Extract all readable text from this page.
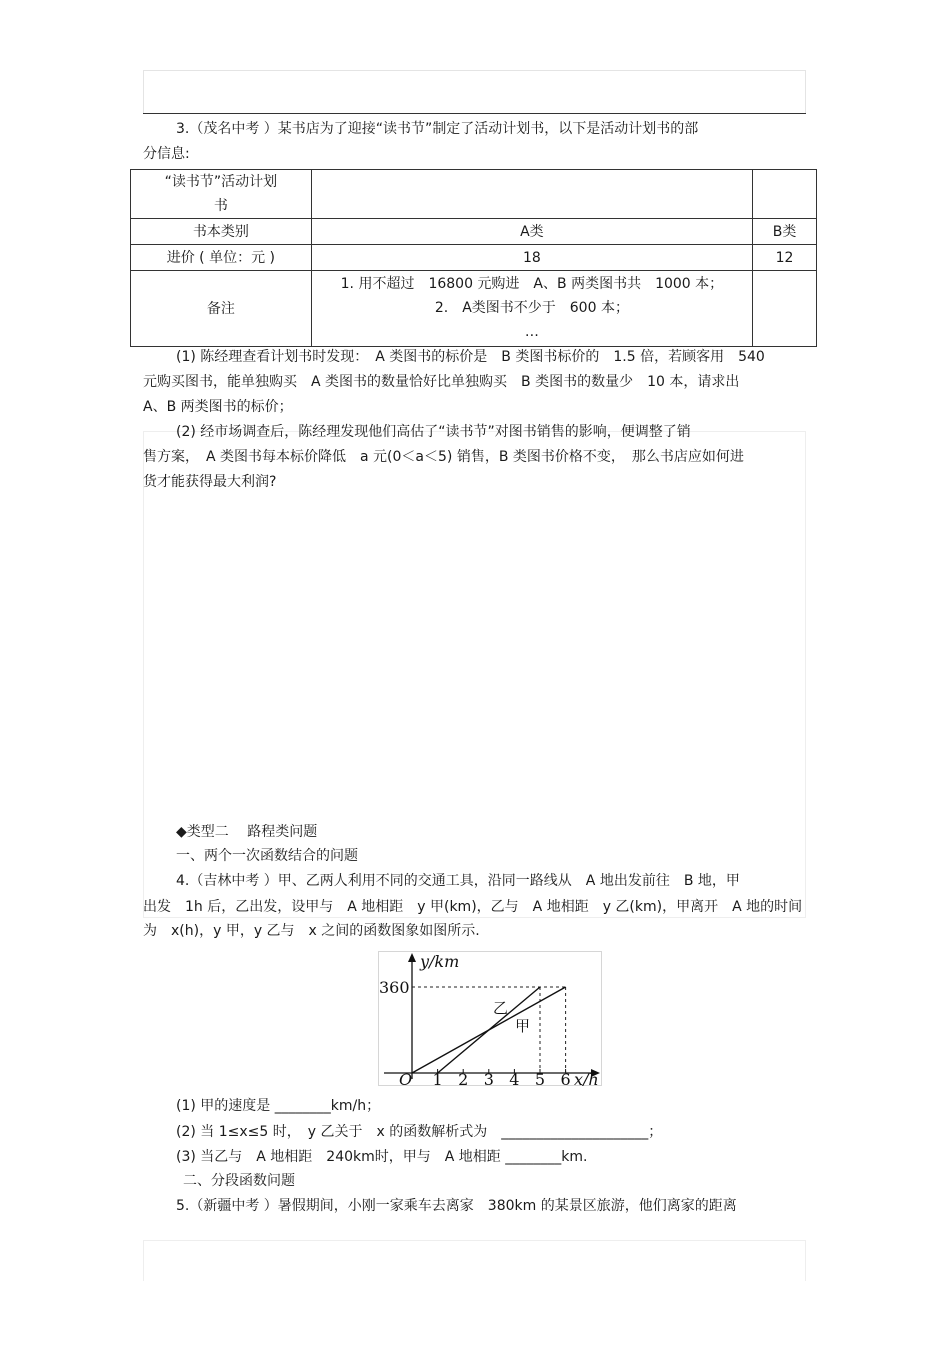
3.（茂名中考 ）某书店为了迎接“读书节”制定了活动计划书，以下是活动计划书的部
分信息:
“读书节”活动计划
书		

书本类别	A类	B类
进价 ( 单位：元 )	18	12
备注	1. 用不超过　16800 元购进　A、B 两类图书共　1000 本；
2.　A类图书不少于　600 本；
…	

(1) 陈经理查看计划书时发现：　A 类图书的标价是　B 类图书标价的　1.5 倍，若顾客用　540
元购买图书，能单独购买　A 类图书的数量恰好比单独购买　B 类图书的数量少　10 本，请求出
A、B 两类图书的标价；
(2) 经市场调查后，陈经理发现他们高估了“读书节”对图书销售的影响，便调整了销
售方案，　A 类图书每本标价降低　a 元(0＜a＜5) 销售，B 类图书价格不变，　那么书店应如何进
货才能获得最大利润?
◆类型二　 路程类问题
一、两个一次函数结合的问题
4.（吉林中考 ）甲、乙两人利用不同的交通工具，沿同一路线从　A 地出发前往　B 地，甲
出发　1h 后，乙出发，设甲与　A 地相距　y 甲(km)，乙与　A 地相距　y 乙(km)，甲离开　A 地的时间
为　x(h)，y 甲，y 乙与　x 之间的函数图象如图所示.
1 2 3 4 5 6
360
O
y/km
x/h
甲
乙
(1) 甲的速度是 ________km/h；
(2) 当 1≤x≤5 时，　y 乙关于　x 的函数解析式为　_____________________；
(3) 当乙与　A 地相距　240km时，甲与　A 地相距 ________km.
二、分段函数问题
5.（新疆中考 ）暑假期间，小刚一家乘车去离家　380km 的某景区旅游，他们离家的距离
